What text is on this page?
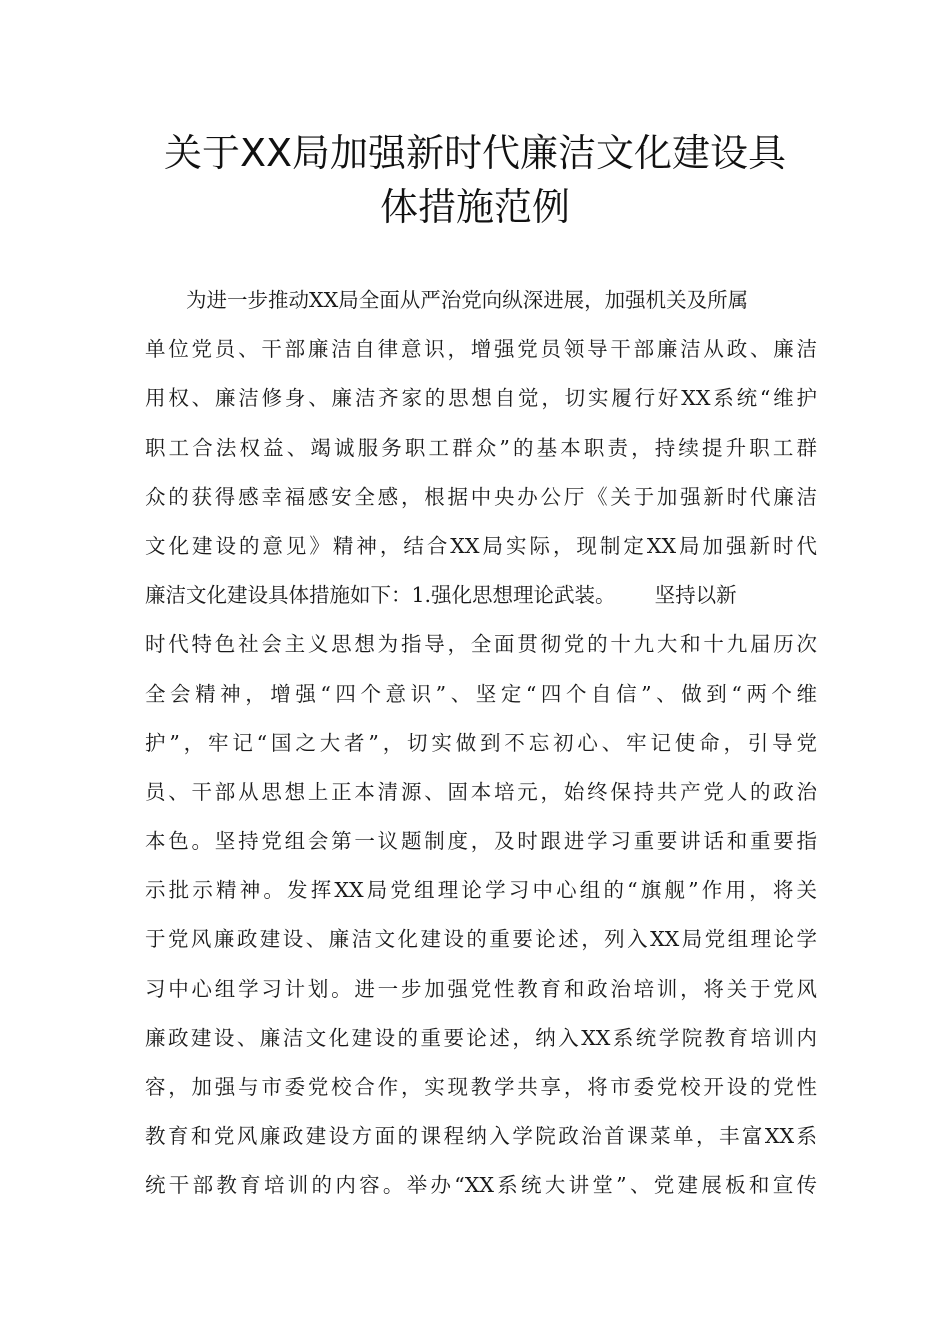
关于XX局加强新时代廉洁文化建设具
体措施范例
为进一步推动XX局全面从严治党向纵深进展，加强机关及所属
单位党员、干部廉洁自律意识，增强党员领导干部廉洁从政、廉洁
用权、廉洁修身、廉洁齐家的思想自觉，切实履行好XX系统“维护
职工合法权益、竭诚服务职工群众”的基本职责，持续提升职工群
众的获得感幸福感安全感，根据中央办公厅《关于加强新时代廉洁
文化建设的意见》精神，结合XX局实际，现制定XX局加强新时代
廉洁文化建设具体措施如下：1.强化思想理论武装。      坚持以新
时代特色社会主义思想为指导，全面贯彻党的十九大和十九届历次
全会精神，增强“四个意识”、坚定“四个自信”、做到“两个维
护”，牢记“国之大者”，切实做到不忘初心、牢记使命，引导党
员、干部从思想上正本清源、固本培元，始终保持共产党人的政治
本色。坚持党组会第一议题制度，及时跟进学习重要讲话和重要指
示批示精神。发挥XX局党组理论学习中心组的“旗舰”作用，将关
于党风廉政建设、廉洁文化建设的重要论述，列入XX局党组理论学
习中心组学习计划。进一步加强党性教育和政治培训，将关于党风
廉政建设、廉洁文化建设的重要论述，纳入XX系统学院教育培训内
容，加强与市委党校合作，实现教学共享，将市委党校开设的党性
教育和党风廉政建设方面的课程纳入学院政治首课菜单，丰富XX系
统干部教育培训的内容。举办“XX系统大讲堂”、党建展板和宣传
